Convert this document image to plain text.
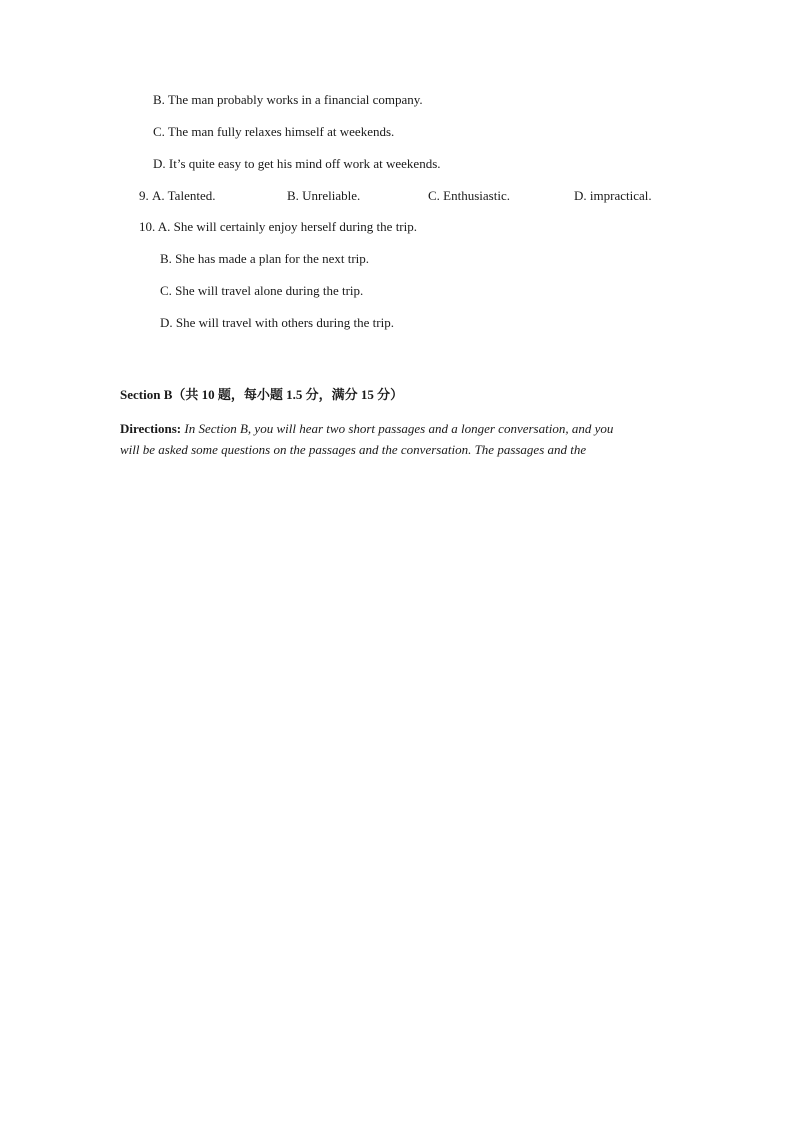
B. The man probably works in a financial company.
C. The man fully relaxes himself at weekends.
D. It’s quite easy to get his mind off work at weekends.
9. A. Talented.	B. Unreliable.	C. Enthusiastic.	D. impractical.
10. A. She will certainly enjoy herself during the trip.
B. She has made a plan for the next trip.
C. She will travel alone during the trip.
D. She will travel with others during the trip.
Section B（共 10 题，每小题 1.5 分，满分 15 分）
Directions: In Section B, you will hear two short passages and a longer conversation, and you
will be asked some questions on the passages and the conversation. The passages and the
